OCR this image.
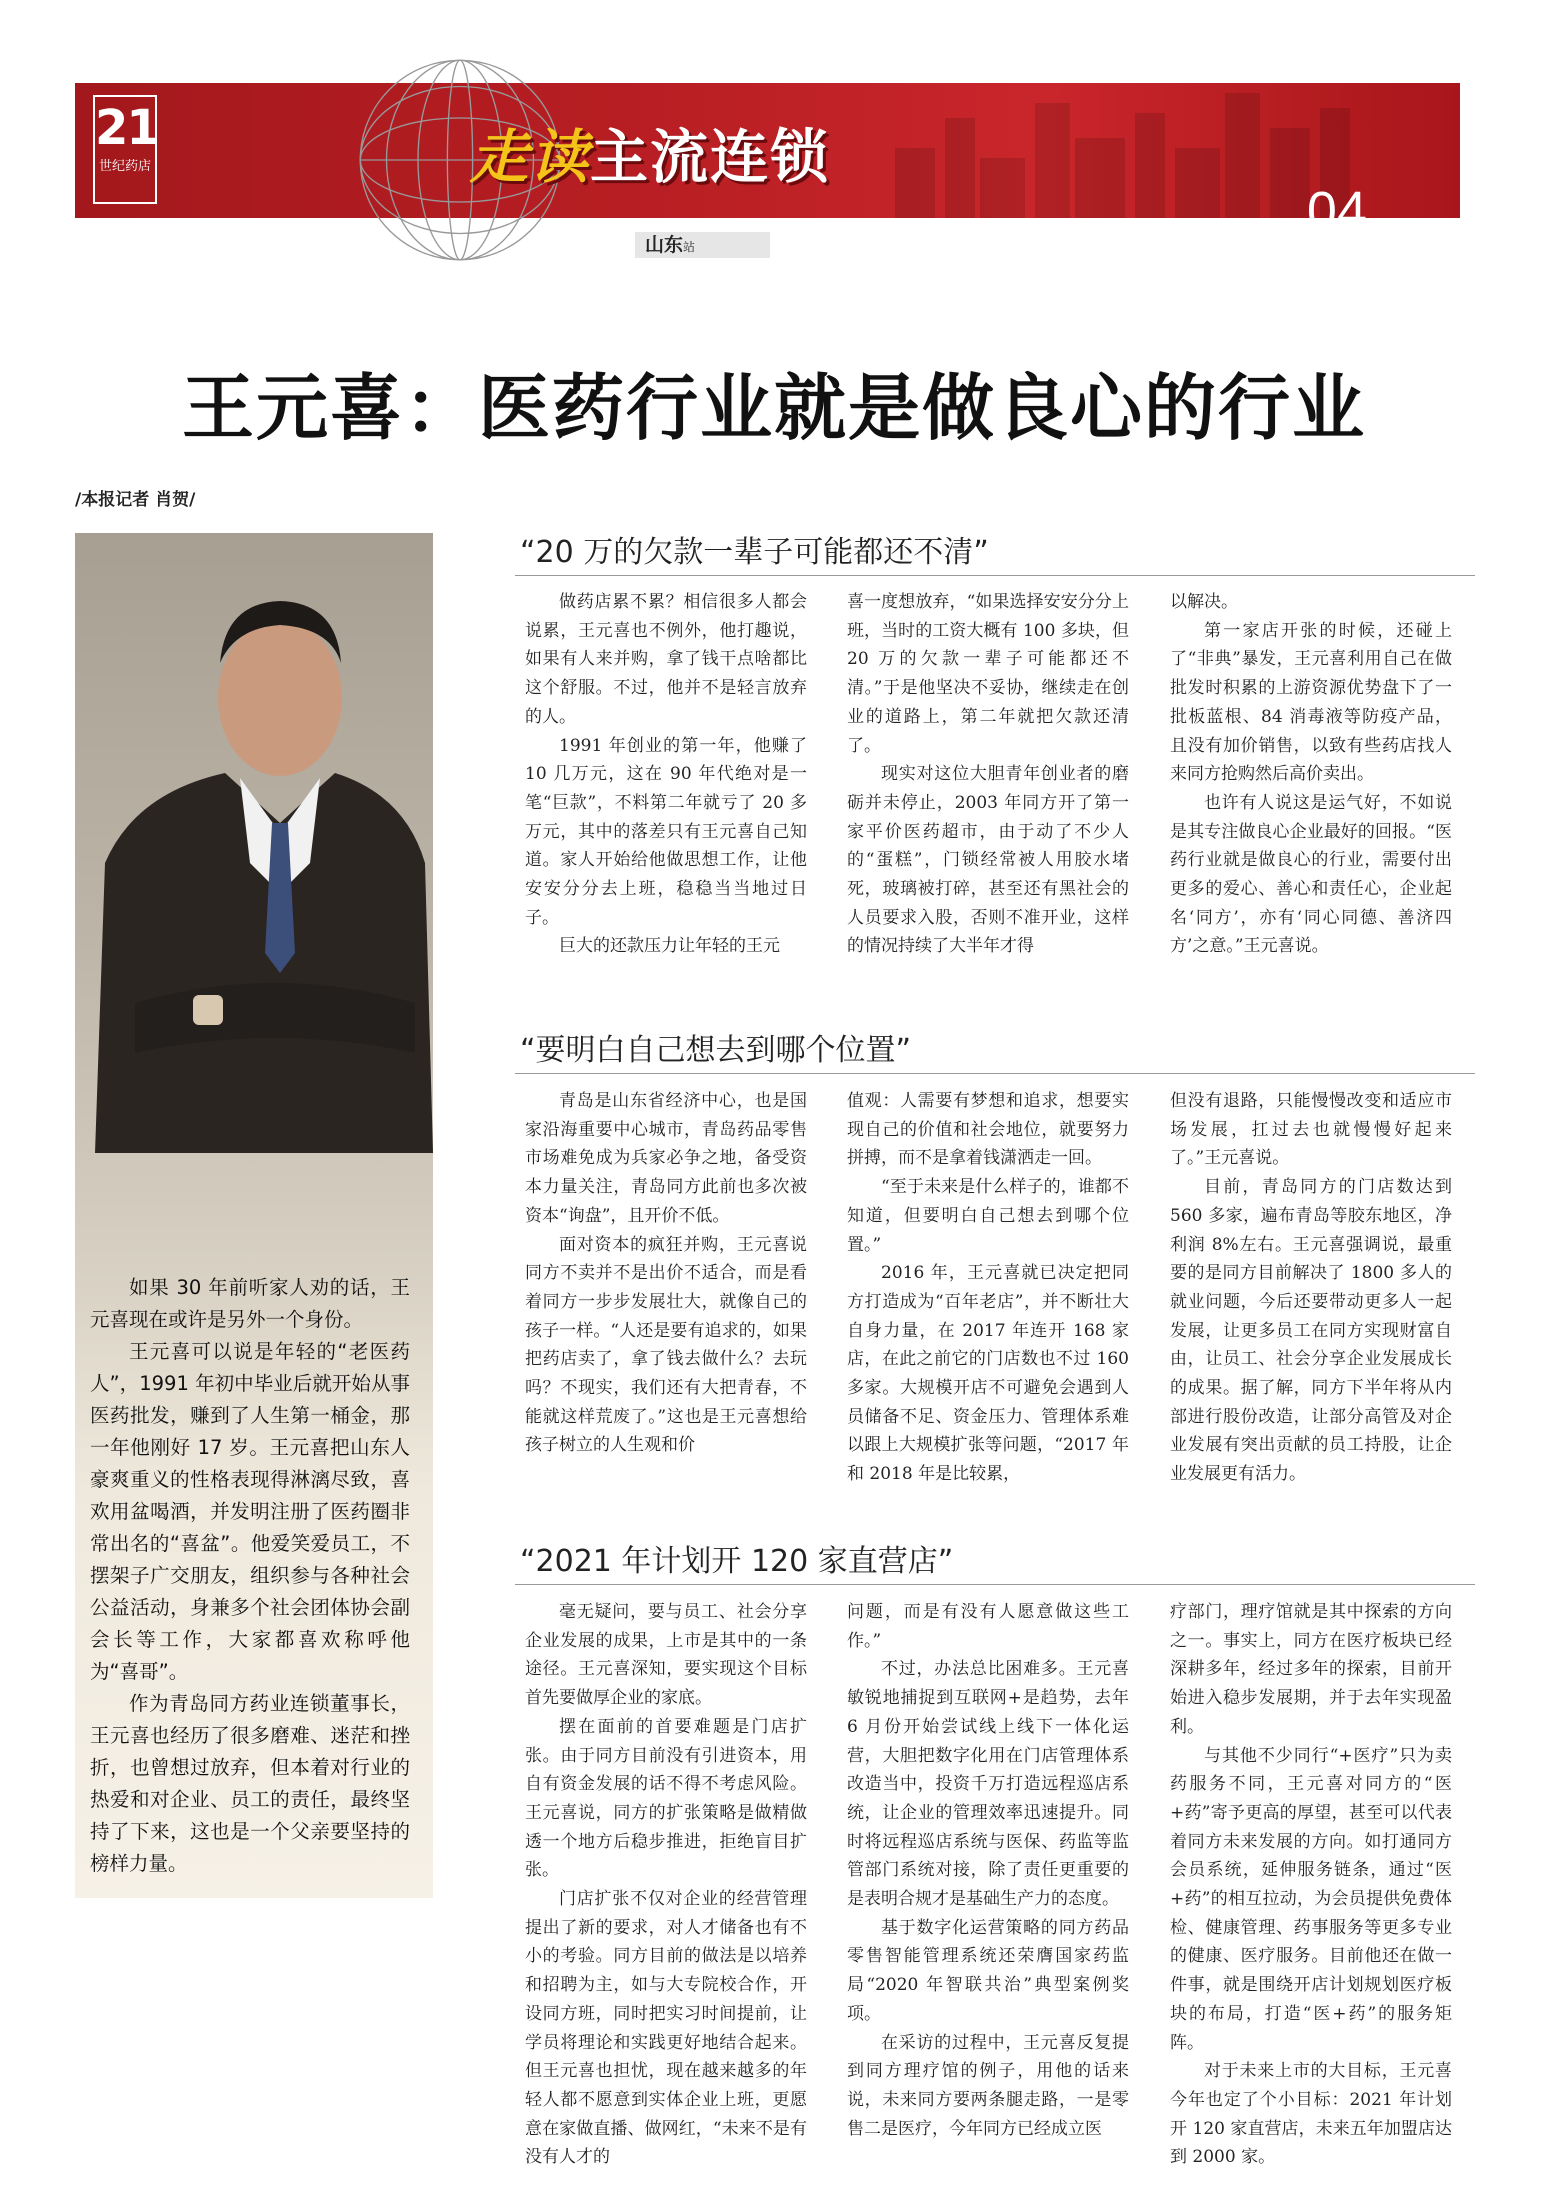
21
世纪药店
04
2021 年 6 月 15 日 责编 / 陈慧君 美编 / 林敏榆
走读主流连锁
山东站
王元喜：医药行业就是做良心的行业
/本报记者 肖贺/

如果 30 年前听家人劝的话，王元喜现在或许是另外一个身份。

王元喜可以说是年轻的“老医药人”，1991 年初中毕业后就开始从事医药批发，赚到了人生第一桶金，那一年他刚好 17 岁。王元喜把山东人豪爽重义的性格表现得淋漓尽致，喜欢用盆喝酒，并发明注册了医药圈非常出名的“喜盆”。他爱笑爱员工，不摆架子广交朋友，组织参与各种社会公益活动，身兼多个社会团体协会副会长等工作，大家都喜欢称呼他为“喜哥”。

作为青岛同方药业连锁董事长，王元喜也经历了很多磨难、迷茫和挫折，也曾想过放弃，但本着对行业的热爱和对企业、员工的责任，最终坚持了下来，这也是一个父亲要坚持的榜样力量。

“20 万的欠款一辈子可能都还不清”

做药店累不累？相信很多人都会说累，王元喜也不例外，他打趣说，如果有人来并购，拿了钱干点啥都比这个舒服。不过，他并不是轻言放弃的人。

1991 年创业的第一年，他赚了 10 几万元，这在 90 年代绝对是一笔“巨款”，不料第二年就亏了 20 多万元，其中的落差只有王元喜自己知道。家人开始给他做思想工作，让他安安分分去上班，稳稳当当地过日子。

巨大的还款压力让年轻的王元

喜一度想放弃，“如果选择安安分分上班，当时的工资大概有 100 多块，但 20 万的欠款一辈子可能都还不清。”于是他坚决不妥协，继续走在创业的道路上，第二年就把欠款还清了。

现实对这位大胆青年创业者的磨砺并未停止，2003 年同方开了第一家平价医药超市，由于动了不少人的“蛋糕”，门锁经常被人用胶水堵死，玻璃被打碎，甚至还有黑社会的人员要求入股，否则不准开业，这样的情况持续了大半年才得

以解决。

第一家店开张的时候，还碰上了“非典”暴发，王元喜利用自己在做批发时积累的上游资源优势盘下了一批板蓝根、84 消毒液等防疫产品，且没有加价销售，以致有些药店找人来同方抢购然后高价卖出。

也许有人说这是运气好，不如说是其专注做良心企业最好的回报。“医药行业就是做良心的行业，需要付出更多的爱心、善心和责任心，企业起名‘同方’，亦有‘同心同德、善济四方’之意。”王元喜说。

“要明白自己想去到哪个位置”

青岛是山东省经济中心，也是国家沿海重要中心城市，青岛药品零售市场难免成为兵家必争之地，备受资本力量关注，青岛同方此前也多次被资本“询盘”，且开价不低。

面对资本的疯狂并购，王元喜说同方不卖并不是出价不适合，而是看着同方一步步发展壮大，就像自己的孩子一样。“人还是要有追求的，如果把药店卖了，拿了钱去做什么？去玩吗？不现实，我们还有大把青春，不能就这样荒废了。”这也是王元喜想给孩子树立的人生观和价

值观：人需要有梦想和追求，想要实现自己的价值和社会地位，就要努力拼搏，而不是拿着钱潇洒走一回。

“至于未来是什么样子的，谁都不知道，但要明白自己想去到哪个位置。”

2016 年，王元喜就已决定把同方打造成为“百年老店”，并不断壮大自身力量，在 2017 年连开 168 家店，在此之前它的门店数也不过 160 多家。大规模开店不可避免会遇到人员储备不足、资金压力、管理体系难以跟上大规模扩张等问题，“2017 年和 2018 年是比较累，

但没有退路，只能慢慢改变和适应市场发展，扛过去也就慢慢好起来了。”王元喜说。

目前，青岛同方的门店数达到 560 多家，遍布青岛等胶东地区，净利润 8%左右。王元喜强调说，最重要的是同方目前解决了 1800 多人的就业问题，今后还要带动更多人一起发展，让更多员工在同方实现财富自由，让员工、社会分享企业发展成长的成果。据了解，同方下半年将从内部进行股份改造，让部分高管及对企业发展有突出贡献的员工持股，让企业发展更有活力。

“2021 年计划开 120 家直营店”

毫无疑问，要与员工、社会分享企业发展的成果，上市是其中的一条途径。王元喜深知，要实现这个目标首先要做厚企业的家底。

摆在面前的首要难题是门店扩张。由于同方目前没有引进资本，用自有资金发展的话不得不考虑风险。王元喜说，同方的扩张策略是做精做透一个地方后稳步推进，拒绝盲目扩张。

门店扩张不仅对企业的经营管理提出了新的要求，对人才储备也有不小的考验。同方目前的做法是以培养和招聘为主，如与大专院校合作，开设同方班，同时把实习时间提前，让学员将理论和实践更好地结合起来。但王元喜也担忧，现在越来越多的年轻人都不愿意到实体企业上班，更愿意在家做直播、做网红，“未来不是有没有人才的

问题，而是有没有人愿意做这些工作。”

不过，办法总比困难多。王元喜敏锐地捕捉到互联网+是趋势，去年 6 月份开始尝试线上线下一体化运营，大胆把数字化用在门店管理体系改造当中，投资千万打造远程巡店系统，让企业的管理效率迅速提升。同时将远程巡店系统与医保、药监等监管部门系统对接，除了责任更重要的是表明合规才是基础生产力的态度。

基于数字化运营策略的同方药品零售智能管理系统还荣膺国家药监局“2020 年智联共治”典型案例奖项。

在采访的过程中，王元喜反复提到同方理疗馆的例子，用他的话来说，未来同方要两条腿走路，一是零售二是医疗，今年同方已经成立医

疗部门，理疗馆就是其中探索的方向之一。事实上，同方在医疗板块已经深耕多年，经过多年的探索，目前开始进入稳步发展期，并于去年实现盈利。

与其他不少同行“+医疗”只为卖药服务不同，王元喜对同方的“医+药”寄予更高的厚望，甚至可以代表着同方未来发展的方向。如打通同方会员系统，延伸服务链条，通过“医+药”的相互拉动，为会员提供免费体检、健康管理、药事服务等更多专业的健康、医疗服务。目前他还在做一件事，就是围绕开店计划规划医疗板块的布局，打造“医+药”的服务矩阵。

对于未来上市的大目标，王元喜今年也定了个小目标：2021 年计划开 120 家直营店，未来五年加盟店达到 2000 家。
